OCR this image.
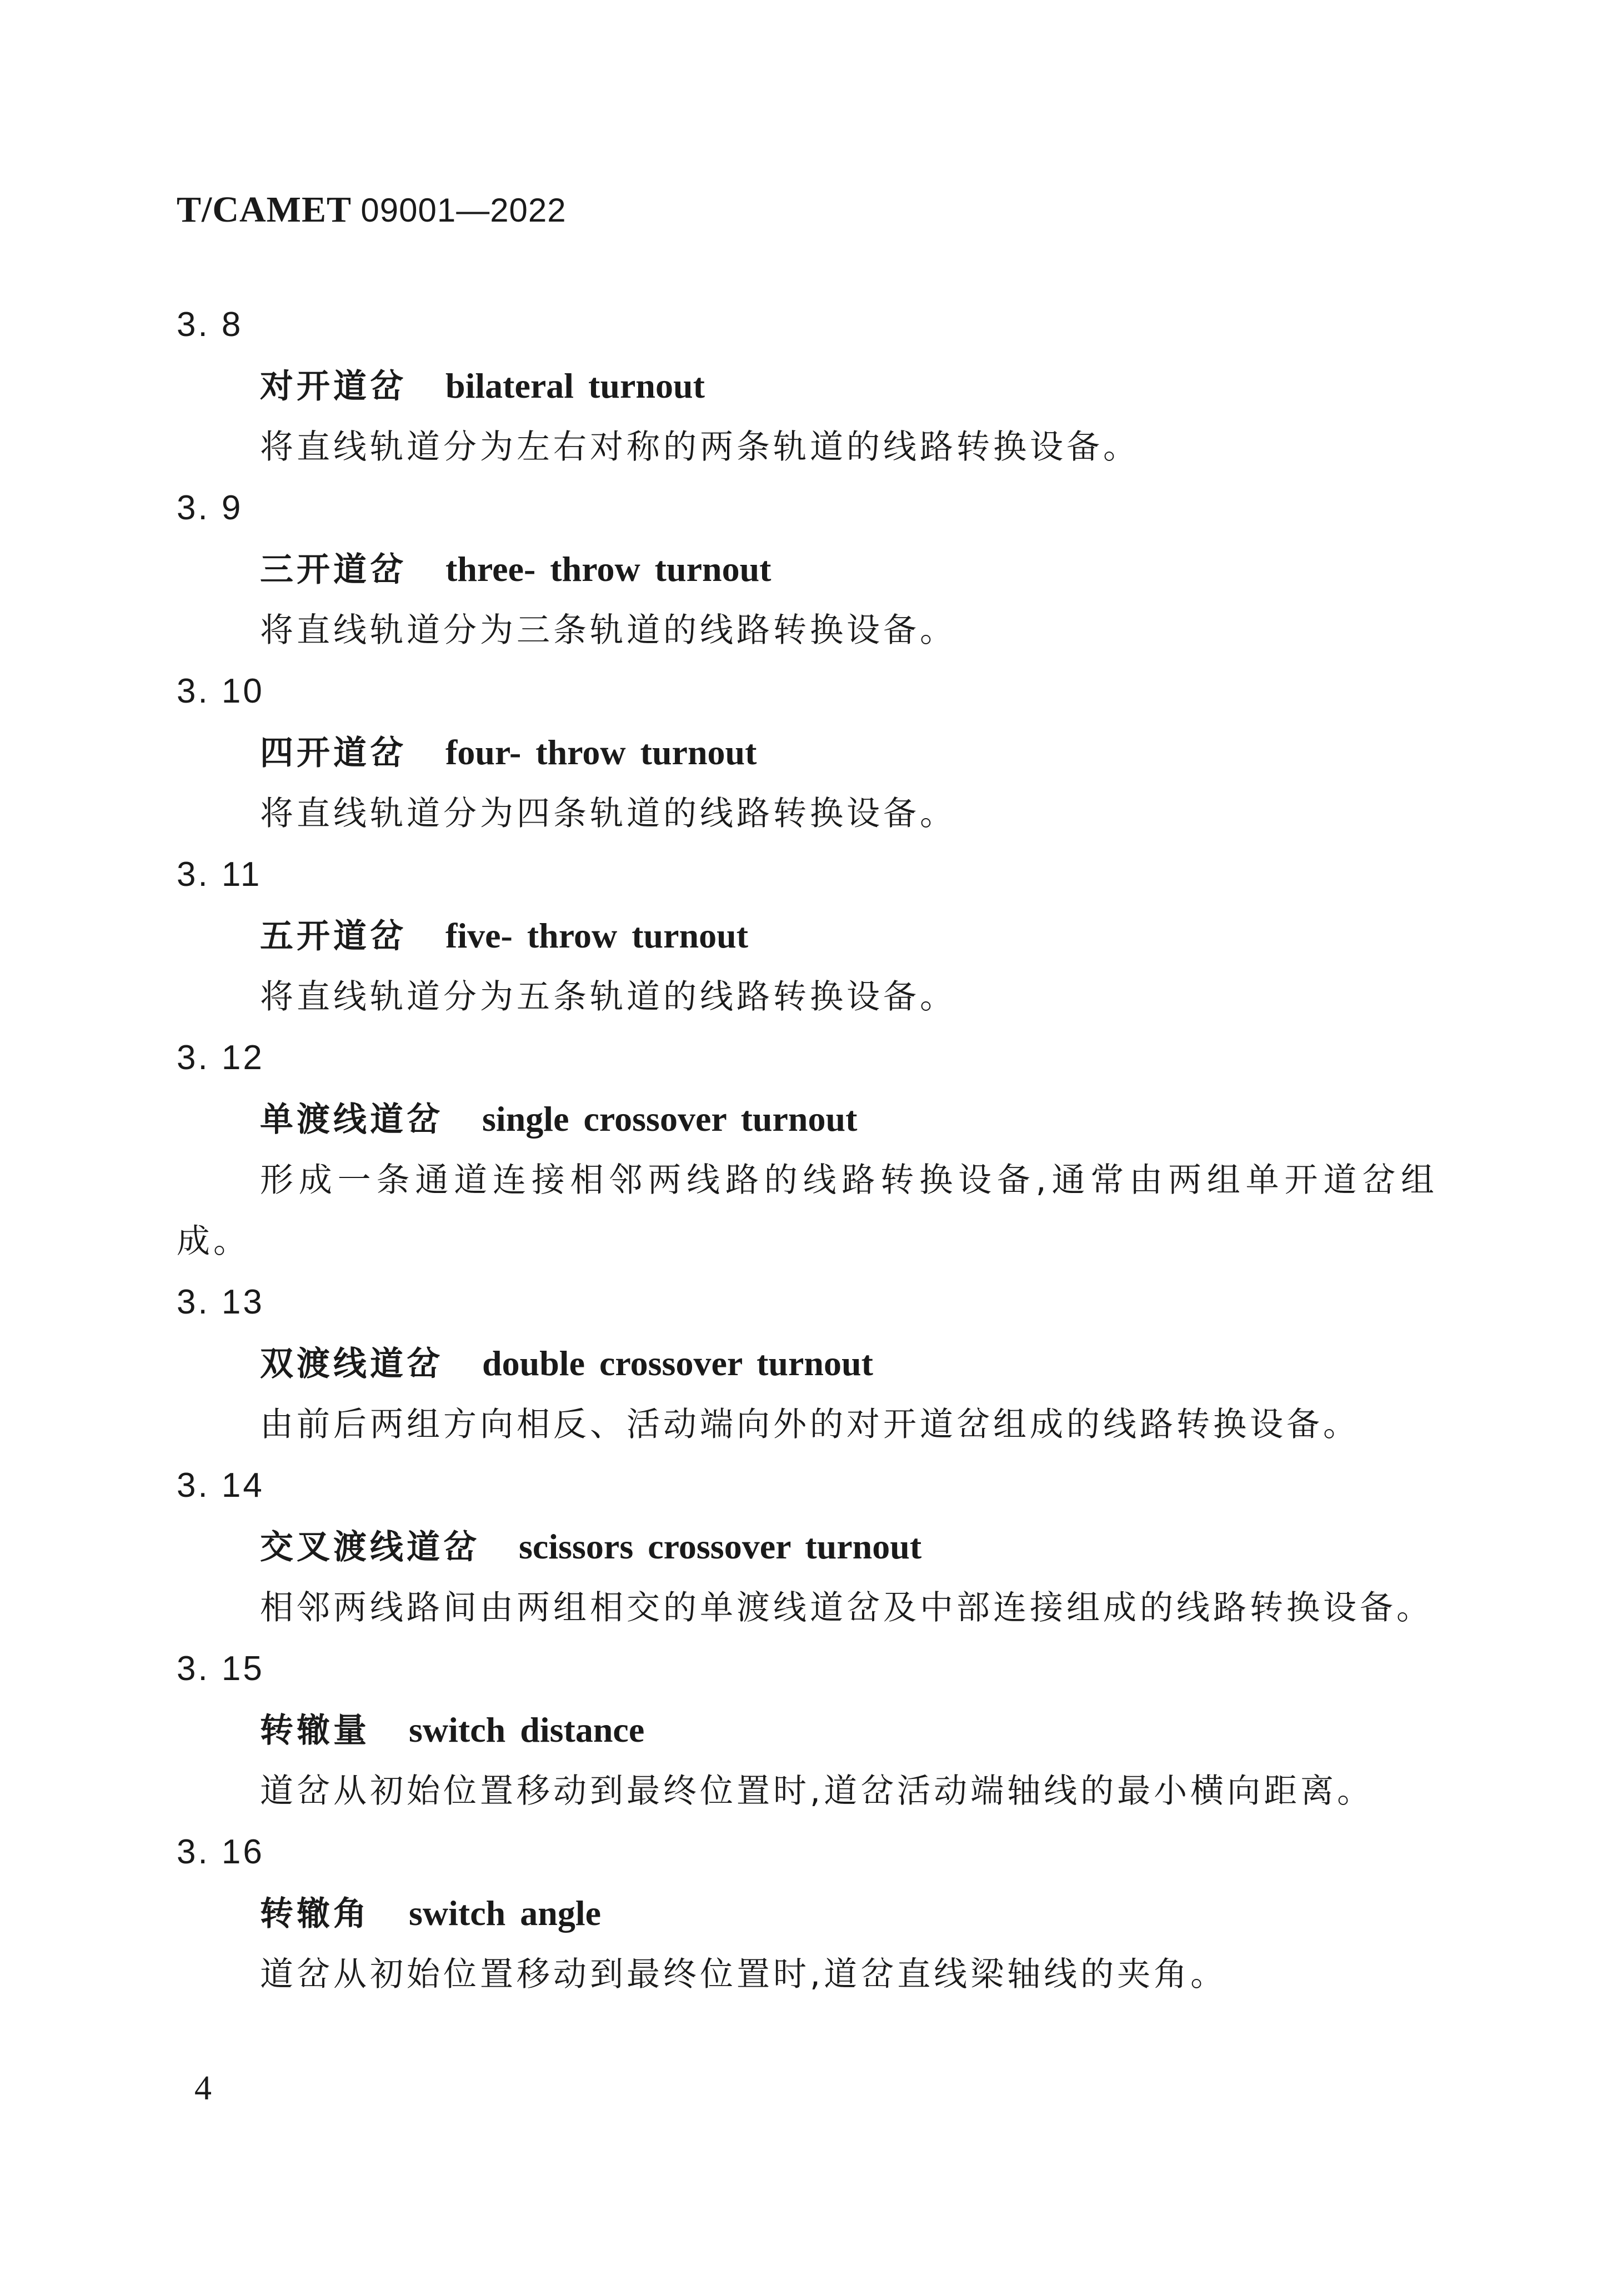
T/CAMET 09001—2022
3. 8
对开道岔 bilateral turnout
将直线轨道分为左右对称的两条轨道的线路转换设备。
3. 9
三开道岔 three- throw turnout
将直线轨道分为三条轨道的线路转换设备。
3. 10
四开道岔 four- throw turnout
将直线轨道分为四条轨道的线路转换设备。
3. 11
五开道岔 five- throw turnout
将直线轨道分为五条轨道的线路转换设备。
3. 12
单渡线道岔 single crossover turnout
形成一条通道连接相邻两线路的线路转换设备,通常由两组单开道岔组成。
3. 13
双渡线道岔 double crossover turnout
由前后两组方向相反、活动端向外的对开道岔组成的线路转换设备。
3. 14
交叉渡线道岔 scissors crossover turnout
相邻两线路间由两组相交的单渡线道岔及中部连接组成的线路转换设备。
3. 15
转辙量 switch distance
道岔从初始位置移动到最终位置时,道岔活动端轴线的最小横向距离。
3. 16
转辙角 switch angle
道岔从初始位置移动到最终位置时,道岔直线梁轴线的夹角。
4
